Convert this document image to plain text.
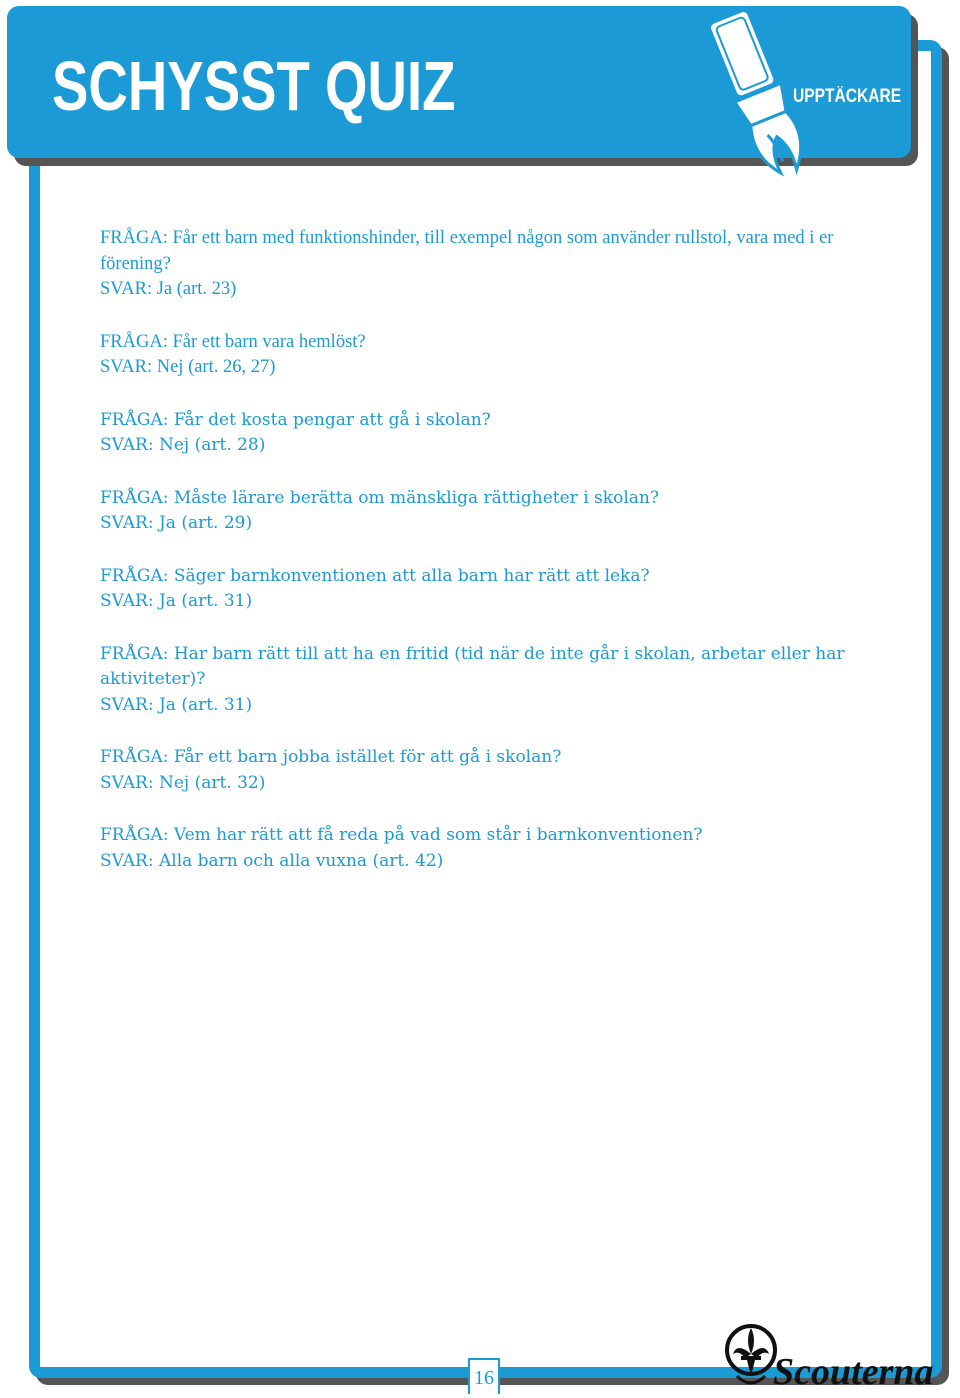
SCHYSST QUIZ	UPPTÄCKARE

FRÅGA: Får ett barn med funktionshinder, till exempel någon som använder rullstol, vara med i er förening?

SVAR: Ja (art. 23)

FRÅGA: Får ett barn vara hemlöst?

SVAR: Nej (art. 26, 27)

FRÅGA: Får det kosta pengar att gå i skolan?

SVAR: Nej (art. 28)

FRÅGA: Måste lärare berätta om mänskliga rättigheter i skolan?

SVAR: Ja (art. 29)

FRÅGA: Säger barnkonventionen att alla barn har rätt att leka?

SVAR: Ja (art. 31)

FRÅGA: Har barn rätt till att ha en fritid (tid när de inte går i skolan, arbetar eller har aktiviteter)?

SVAR: Ja (art. 31)

FRÅGA: Får ett barn jobba istället för att gå i skolan?

SVAR: Nej (art. 32)

FRÅGA: Vem har rätt att få reda på vad som står i barnkonventionen?

SVAR: Alla barn och alla vuxna (art. 42)

16	Scouterna
